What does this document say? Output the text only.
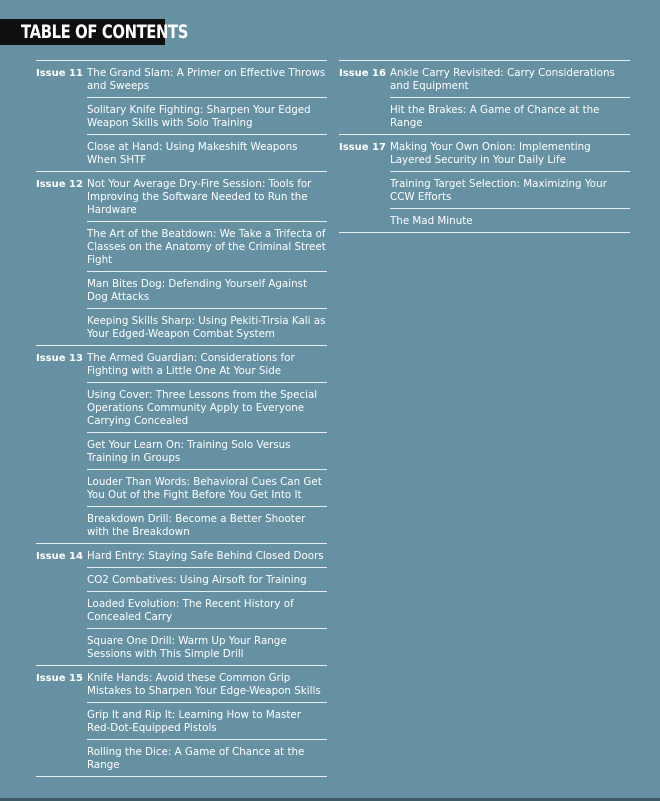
TABLE OF CONTENTS
Issue 11 The Grand Slam: A Primer on Effective Throws and Sweeps
Solitary Knife Fighting: Sharpen Your Edged Weapon Skills with Solo Training
Close at Hand: Using Makeshift Weapons When SHTF
Issue 12 Not Your Average Dry-Fire Session: Tools for Improving the Software Needed to Run the Hardware
The Art of the Beatdown: We Take a Trifecta of Classes on the Anatomy of the Criminal Street Fight
Man Bites Dog: Defending Yourself Against Dog Attacks
Keeping Skills Sharp: Using Pekiti-Tirsia Kali as Your Edged-Weapon Combat System
Issue 13 The Armed Guardian: Considerations for Fighting with a Little One At Your Side
Using Cover: Three Lessons from the Special Operations Community Apply to Everyone Carrying Concealed
Get Your Learn On: Training Solo Versus Training in Groups
Louder Than Words: Behavioral Cues Can Get You Out of the Fight Before You Get Into It
Breakdown Drill: Become a Better Shooter with the Breakdown
Issue 14 Hard Entry: Staying Safe Behind Closed Doors
CO2 Combatives: Using Airsoft for Training
Loaded Evolution: The Recent History of Concealed Carry
Square One Drill: Warm Up Your Range Sessions with This Simple Drill
Issue 15 Knife Hands: Avoid these Common Grip Mistakes to Sharpen Your Edge-Weapon Skills
Grip It and Rip It: Learning How to Master Red-Dot-Equipped Pistols
Rolling the Dice: A Game of Chance at the Range
Issue 16 Ankle Carry Revisited: Carry Considerations and Equipment
Hit the Brakes: A Game of Chance at the Range
Issue 17 Making Your Own Onion: Implementing Layered Security in Your Daily Life
Training Target Selection: Maximizing Your CCW Efforts
The Mad Minute
